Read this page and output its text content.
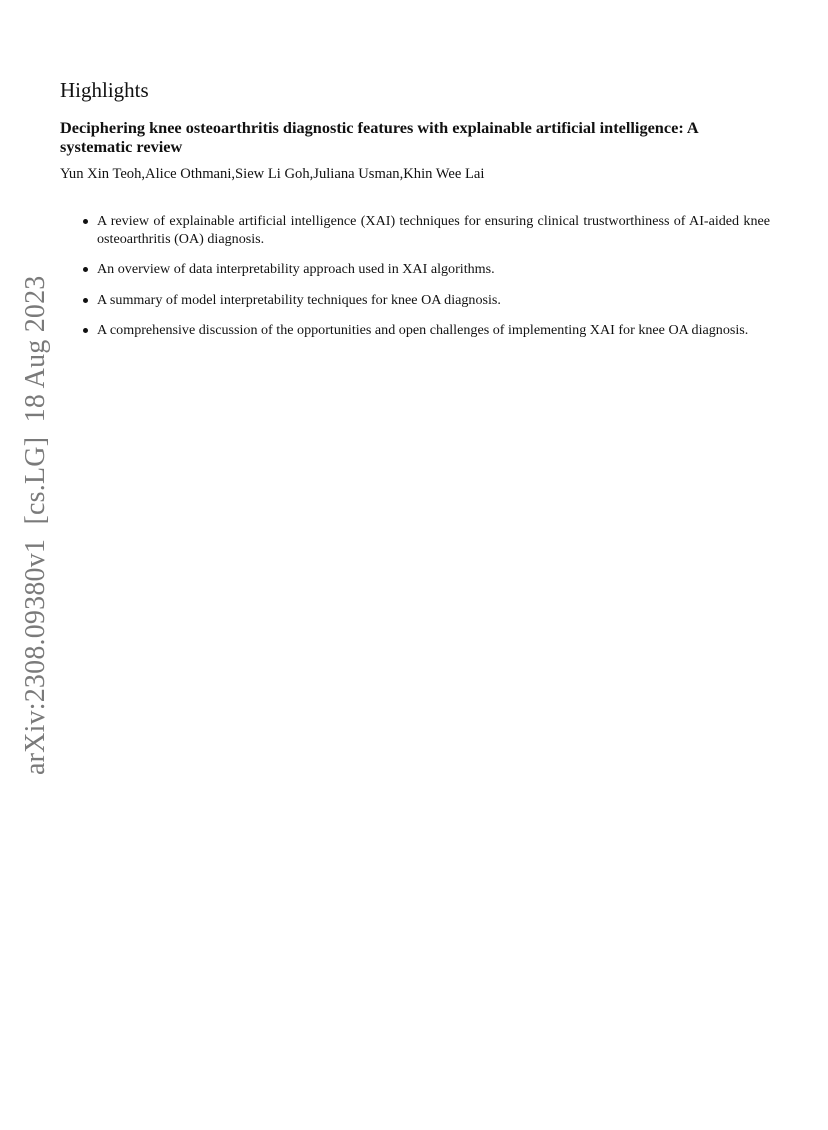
Highlights
Deciphering knee osteoarthritis diagnostic features with explainable artificial intelligence: A systematic review

Yun Xin Teoh,Alice Othmani,Siew Li Goh,Juliana Usman,Khin Wee Lai

A review of explainable artificial intelligence (XAI) techniques for ensuring clinical trustworthiness of AI-aided knee osteoarthritis (OA) diagnosis.
An overview of data interpretability approach used in XAI algorithms.
A summary of model interpretability techniques for knee OA diagnosis.
A comprehensive discussion of the opportunities and open challenges of implementing XAI for knee OA diagnosis.
arXiv:2308.09380v1  [cs.LG]  18 Aug 2023
